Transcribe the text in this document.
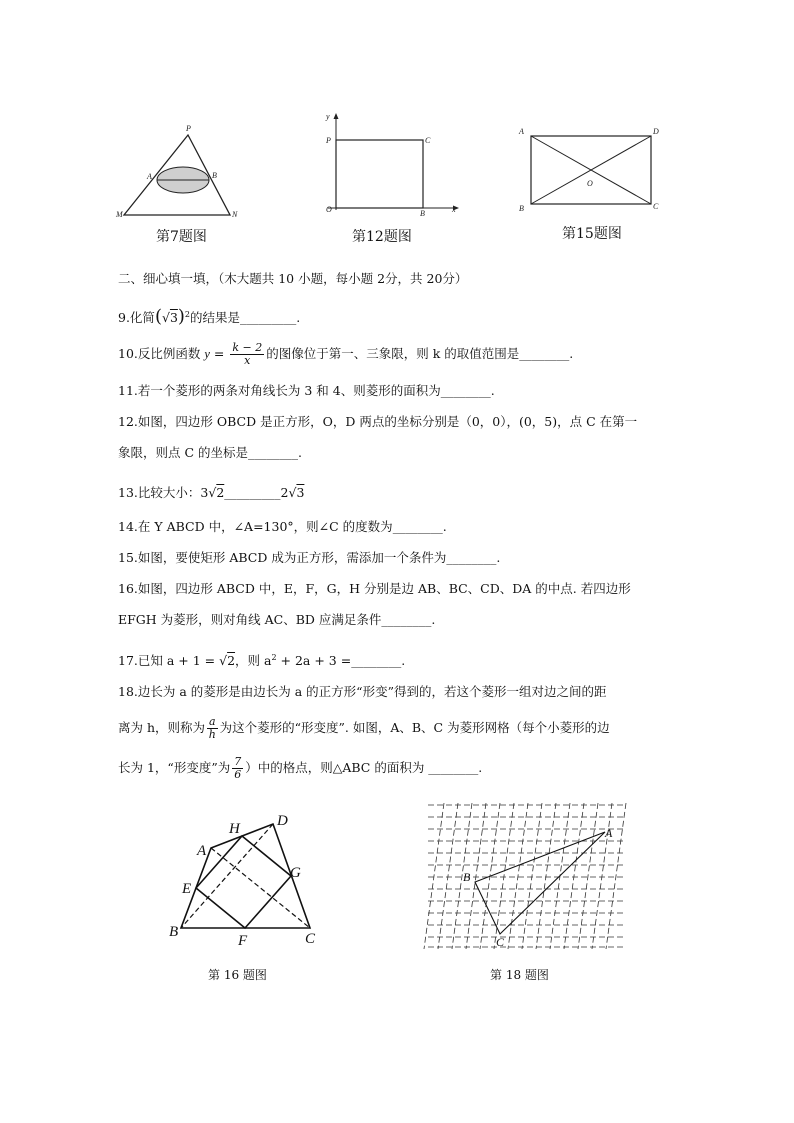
P
A	B
M	N
第7题图
y
P	C
O	B	x
第12题图
A	D
O
B	C
第15题图
二、细心填一填，（木大题共 10 小题，每小题 2分，共 20分）
9.化简$(√3)^2$的结果是_________.
10.反比例函数 $y = \frac{k - 2}{x}$ 的图像位于第一、三象限，则 k 的取值范围是________.
11.若一个菱形的两条对角线长为 3 和 4、则菱形的面积为________.
12.如图，四边形 OBCD 是正方形，O，D 两点的坐标分别是（0，0），(0，5)，点 C 在第一
象限，则点 C 的坐标是________.
13.比较大小：3√2_________2√3
14.在 Y ABCD 中，∠A=130°，则∠C 的度数为________.
15.如图，要使矩形 ABCD 成为正方形，需添加一个条件为________.
16.如图，四边形 ABCD 中，E，F，G，H 分别是边 AB、BC、CD、DA 的中点. 若四边形
EFGH 为菱形，则对角线 AC、BD 应满足条件________.
17.已知 a + 1 = √2，则 $a^2 + 2a + 3$ =________.
18.边长为 a 的菱形是由边长为 a 的正方形“形变”得到的，若这个菱形一组对边之间的距
离为 h，则称为 $\frac{a}{h}$ 为这个菱形的“形变度”. 如图，A、B、C 为菱形网格（每个小菱形的边
长为 1，“形变度”为 $\frac{7}{6}$ ）中的格点，则△ABC 的面积为 ________.
A
H D
E
G
B
F	C
第 16 题图
A
B
C
第 18 题图
